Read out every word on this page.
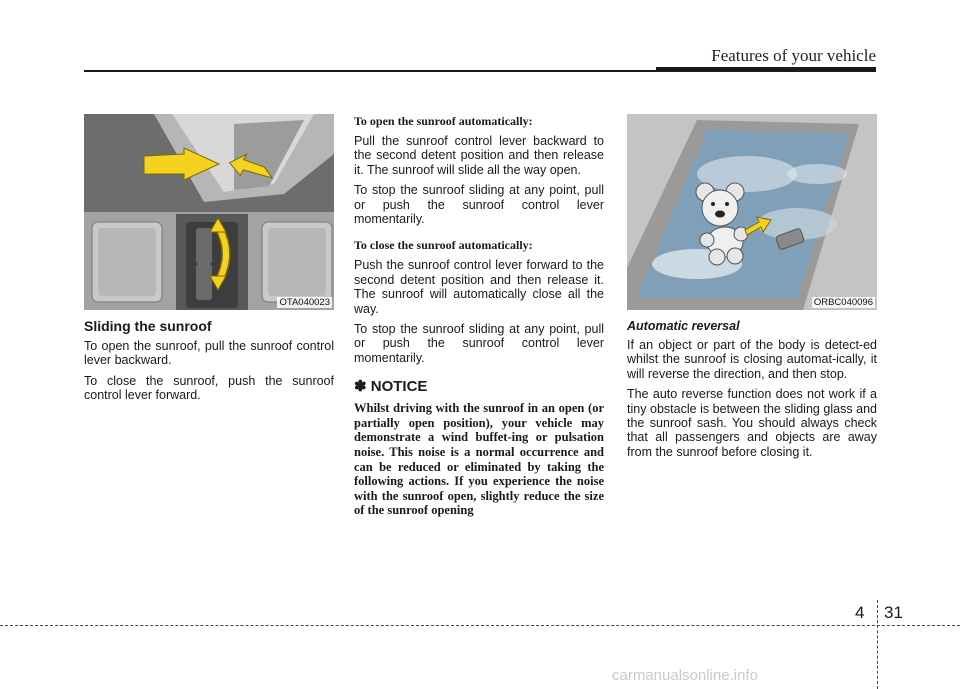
Features of your vehicle
OTA040023
Sliding the sunroof

To open the sunroof, pull the sunroof control lever backward.

To close the sunroof, push the sunroof control lever forward.

To open the sunroof automatically:

Pull the sunroof control lever backward to the second detent position and then release it. The sunroof will slide all the way open.

To stop the sunroof sliding at any point, pull or push the sunroof control lever momentarily.

To close the sunroof automatically:

Push the sunroof control lever forward to the second detent position and then release it. The sunroof will automatically close all the way.

To stop the sunroof sliding at any point, pull or push the sunroof control lever momentarily.

✽ NOTICE

Whilst driving with the sunroof in an open (or partially open position), your vehicle may demonstrate a wind buffet-ing or pulsation noise. This noise is a normal occurrence and can be reduced or eliminated by taking the following actions. If you experience the noise with the sunroof open, slightly reduce the size of the sunroof opening

ORBC040096
Automatic reversal

If an object or part of the body is detect-ed whilst the sunroof is closing automat-ically, it will reverse the direction, and then stop.

The auto reverse function does not work if a tiny obstacle is between the sliding glass and the sunroof sash. You should always check that all passengers and objects are away from the sunroof before closing it.

4 31
carmanualsonline.info
